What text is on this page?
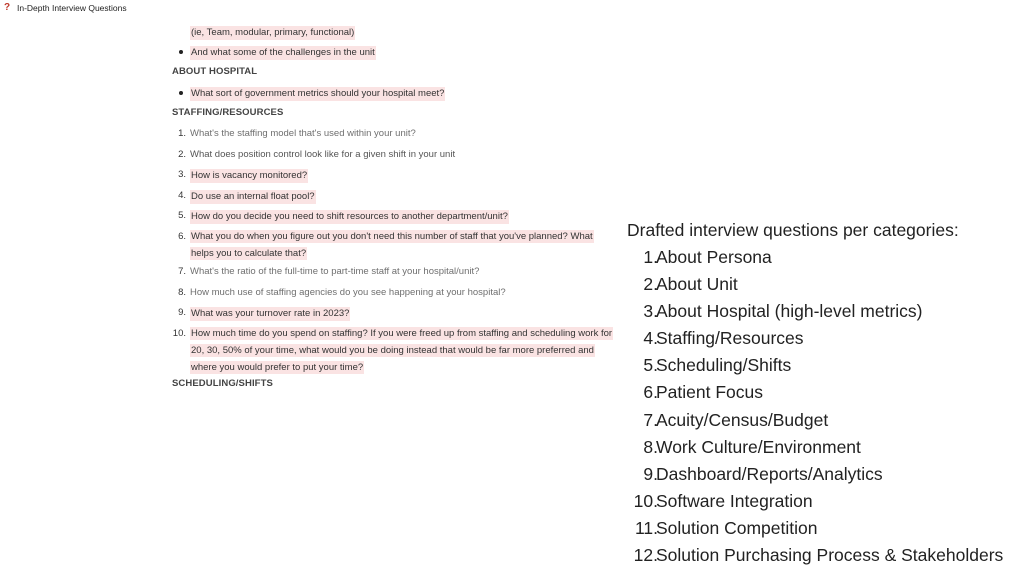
? In-Depth Interview Questions
(ie, Team, modular, primary, functional)
And what some of the challenges in the unit
ABOUT HOSPITAL
What sort of government metrics should your hospital meet?
STAFFING/RESOURCES
1. What's the staffing model that's used within your unit?
2. What does position control look like for a given shift in your unit
3. How is vacancy monitored?
4. Do use an internal float pool?
5. How do you decide you need to shift resources to another department/unit?
6. What you do when you figure out you don't need this number of staff that you've planned? What helps you to calculate that?
7. What's the ratio of the full-time to part-time staff at your hospital/unit?
8. How much use of staffing agencies do you see happening at your hospital?
9. What was your turnover rate in 2023?
10. How much time do you spend on staffing? If you were freed up from staffing and scheduling work for 20, 30, 50% of your time, what would you be doing instead that would be far more preferred and where you would prefer to put your time?
SCHEDULING/SHIFTS
Drafted interview questions per categories:
1.
About Persona
2.
About Unit
3.
About Hospital (high-level metrics)
4.
Staffing/Resources
5.
Scheduling/Shifts
6.
Patient Focus
7.
Acuity/Census/Budget
8.
Work Culture/Environment
9.
Dashboard/Reports/Analytics
10.
Software Integration
11.
Solution Competition
12.
Solution Purchasing Process & Stakeholders
